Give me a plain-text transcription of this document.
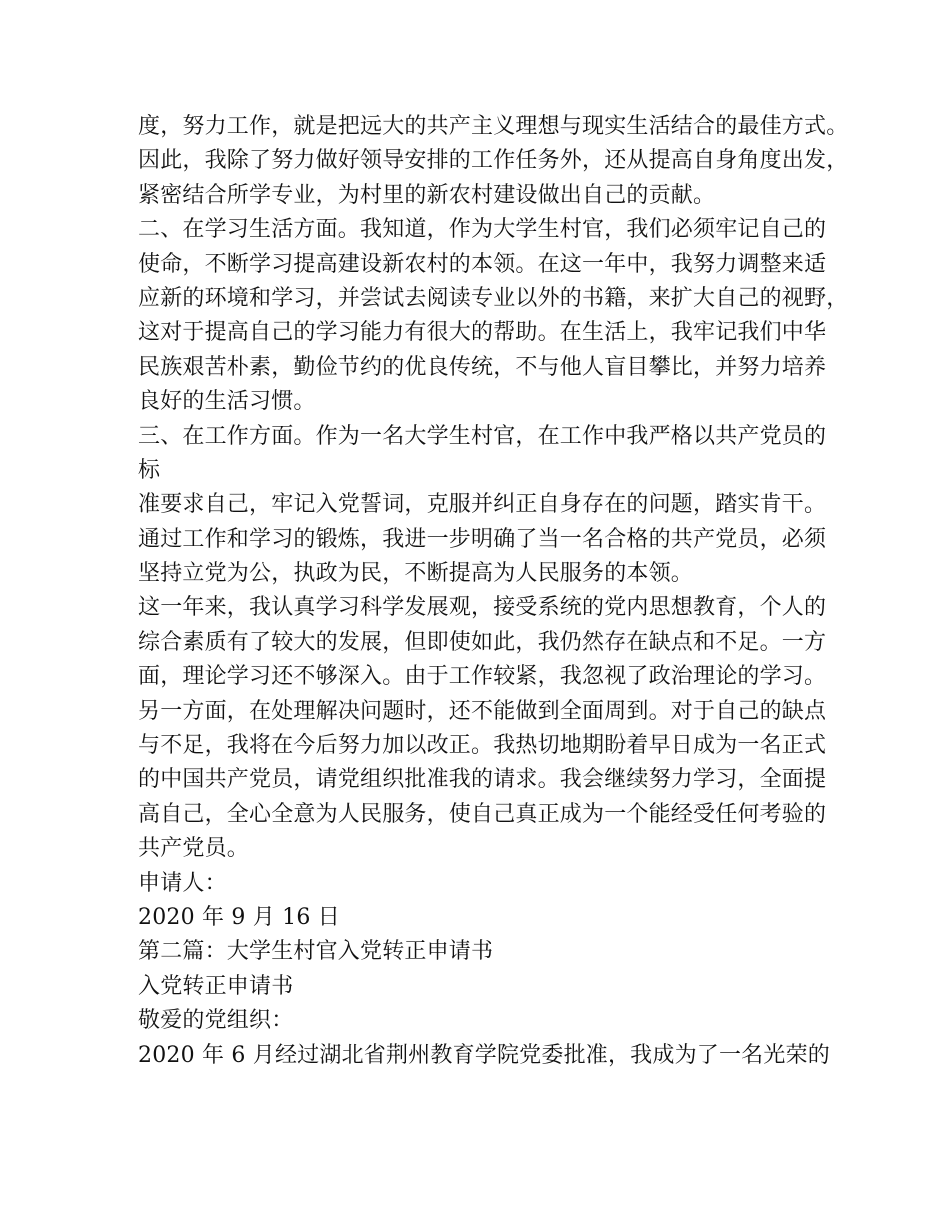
度，努力工作，就是把远大的共产主义理想与现实生活结合的最佳方式。
因此，我除了努力做好领导安排的工作任务外，还从提高自身角度出发，
紧密结合所学专业，为村里的新农村建设做出自己的贡献。
二、在学习生活方面。我知道，作为大学生村官，我们必须牢记自己的
使命，不断学习提高建设新农村的本领。在这一年中，我努力调整来适
应新的环境和学习，并尝试去阅读专业以外的书籍，来扩大自己的视野，
这对于提高自己的学习能力有很大的帮助。在生活上，我牢记我们中华
民族艰苦朴素，勤俭节约的优良传统，不与他人盲目攀比，并努力培养
良好的生活习惯。
三、在工作方面。作为一名大学生村官，在工作中我严格以共产党员的
标
准要求自己，牢记入党誓词，克服并纠正自身存在的问题，踏实肯干。
通过工作和学习的锻炼，我进一步明确了当一名合格的共产党员，必须
坚持立党为公，执政为民，不断提高为人民服务的本领。
这一年来，我认真学习科学发展观，接受系统的党内思想教育，个人的
综合素质有了较大的发展，但即使如此，我仍然存在缺点和不足。一方
面，理论学习还不够深入。由于工作较紧，我忽视了政治理论的学习。
另一方面，在处理解决问题时，还不能做到全面周到。对于自己的缺点
与不足，我将在今后努力加以改正。我热切地期盼着早日成为一名正式
的中国共产党员，请党组织批准我的请求。我会继续努力学习，全面提
高自己，全心全意为人民服务，使自己真正成为一个能经受任何考验的
共产党员。
申请人：
2020 年 9 月 16 日
第二篇：大学生村官入党转正申请书
入党转正申请书
敬爱的党组织：
2020 年 6 月经过湖北省荆州教育学院党委批准，我成为了一名光荣的
